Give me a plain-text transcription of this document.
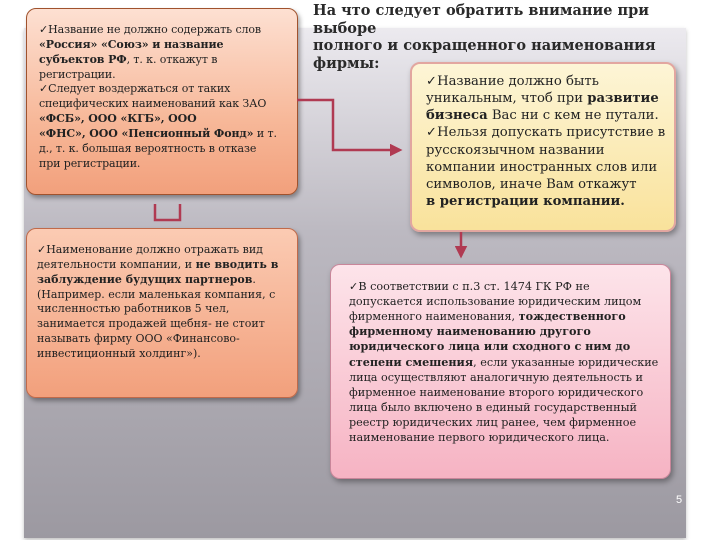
На что следует обратить внимание при выборе
полного и сокращенного наименования фирмы:

✓Название не должно содержать слов
«Россия» «Союз» и название
субъектов РФ, т. к. откажут в
регистрации.

✓Следует воздержаться от таких
специфических наименований как ЗАО
«ФСБ», ООО «КГБ», ООО
«ФНС», ООО «Пенсионный Фонд» и т.
д., т. к. большая вероятность в отказе
при регистрации.

✓Наименование должно отражать вид
деятельности компании, и не вводить в
заблуждение будущих партнеров.
(Например. если маленькая компания, с
численностью работников 5 чел,
занимается продажей щебня- не стоит
называть фирму ООО «Финансово-
инвестиционный холдинг»).

✓Название должно быть
уникальным, чтоб при развитие
бизнеса Вас ни с кем не путали.

✓Нельзя допускать присутствие в
русскоязычном названии
компании иностранных слов или
символов, иначе Вам откажут
в регистрации компании.

✓В соответствии с п.3 ст. 1474 ГК РФ не
допускается использование юридическим лицом
фирменного наименования, тождественного
фирменному наименованию другого
юридического лица или сходного с ним до
степени смешения, если указанные юридические
лица осуществляют аналогичную деятельность и
фирменное наименование второго юридического
лица было включено в единый государственный
реестр юридических лиц ранее, чем фирменное
наименование первого юридического лица.

5
